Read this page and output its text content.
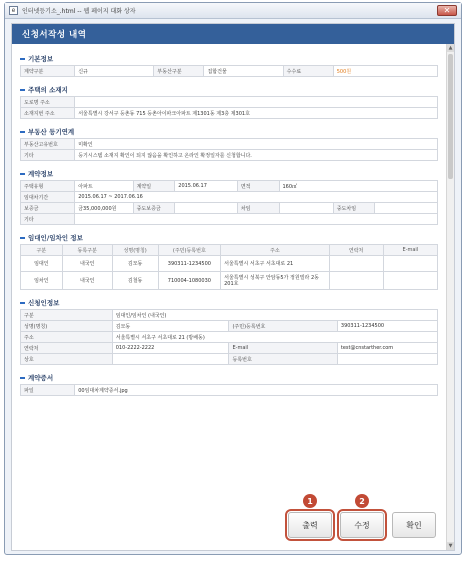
e	인터넷등기소_.html -- 웹 페이지 대화 상자	✕
신청서작성 내역
▲
▼
기본정보
계약구분	신규	부동산구분	집합건물	수수료	500원
주택의 소재지
도로명 주소	
소재지번 주소	서울특별시 강서구 등촌동 715 등촌아이파크아파트 제1301동 제3층 제301호
부동산 등기연계
부동산고유번호	미확인
기타	등기시스템 소재지 확인이 되지 않음을 확인하고 온라인 확정일자를 신청합니다.
계약정보
주택유형	아파트	계약일	2015.06.17	면적	160㎡		
임대차기간	2015.06.17 ~ 2017.06.16						
보증금	금35,000,000원	중도보증금		차임		중도차임	
기타							
임대인/임차인 정보
구분	동록구분	성명(명칭)	(주민)등록번호	주소	연락처	E-mail
임대인	내국인	김모동	390311-1234500	서울특별시 서초구 서초대로 21		
임차인	내국인	김철동	710004-1080030	서울특별시 성북구 안암동5가 정원빌라 2동 201호		
신청인정보
구분	임대인/임차인 (내국인)		
성명(명칭)	김모동	(주민)등록번호	390311-1234500
주소	서울특별시 서초구 서초대로 21 (방배동)		
연락처	010-2222-2222	E-mail	test@cnstarther.com
상호		등록번호	
계약증서
파일	00임대차계약증서.jpg
1
출력
2
수정	확인
